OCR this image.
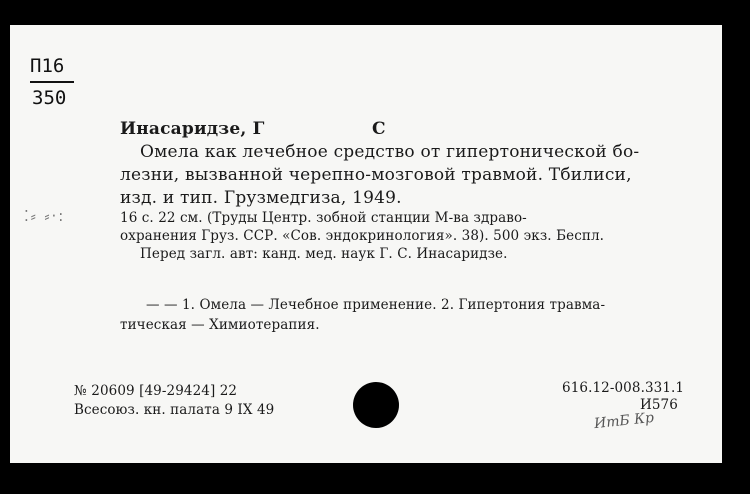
П16
350
Инасаридзе, Г	С
Омела как лечебное средство от гипертонической бо-
лезни, вызванной черепно-мозговой травмой. Тбилиси,
изд. и тип. Грузмедгиза, 1949.
⁚⸗ ⸗·:	16 с. 22 см. (Труды Центр. зобной станции М-ва здраво-
охранения Груз. ССР. «Сов. эндокринология». 38). 500 экз. Беспл.
Перед загл. авт: канд. мед. наук Г. С. Инасаридзе.
— — 1. Омела — Лечебное применение. 2. Гипертония травма-
тическая — Химиотерапия.
№ 20609 [49-29424] 22
Всесоюз. кн. палата 9 IX 49
616.12-008.331.1
И576
ИтБ Кр
